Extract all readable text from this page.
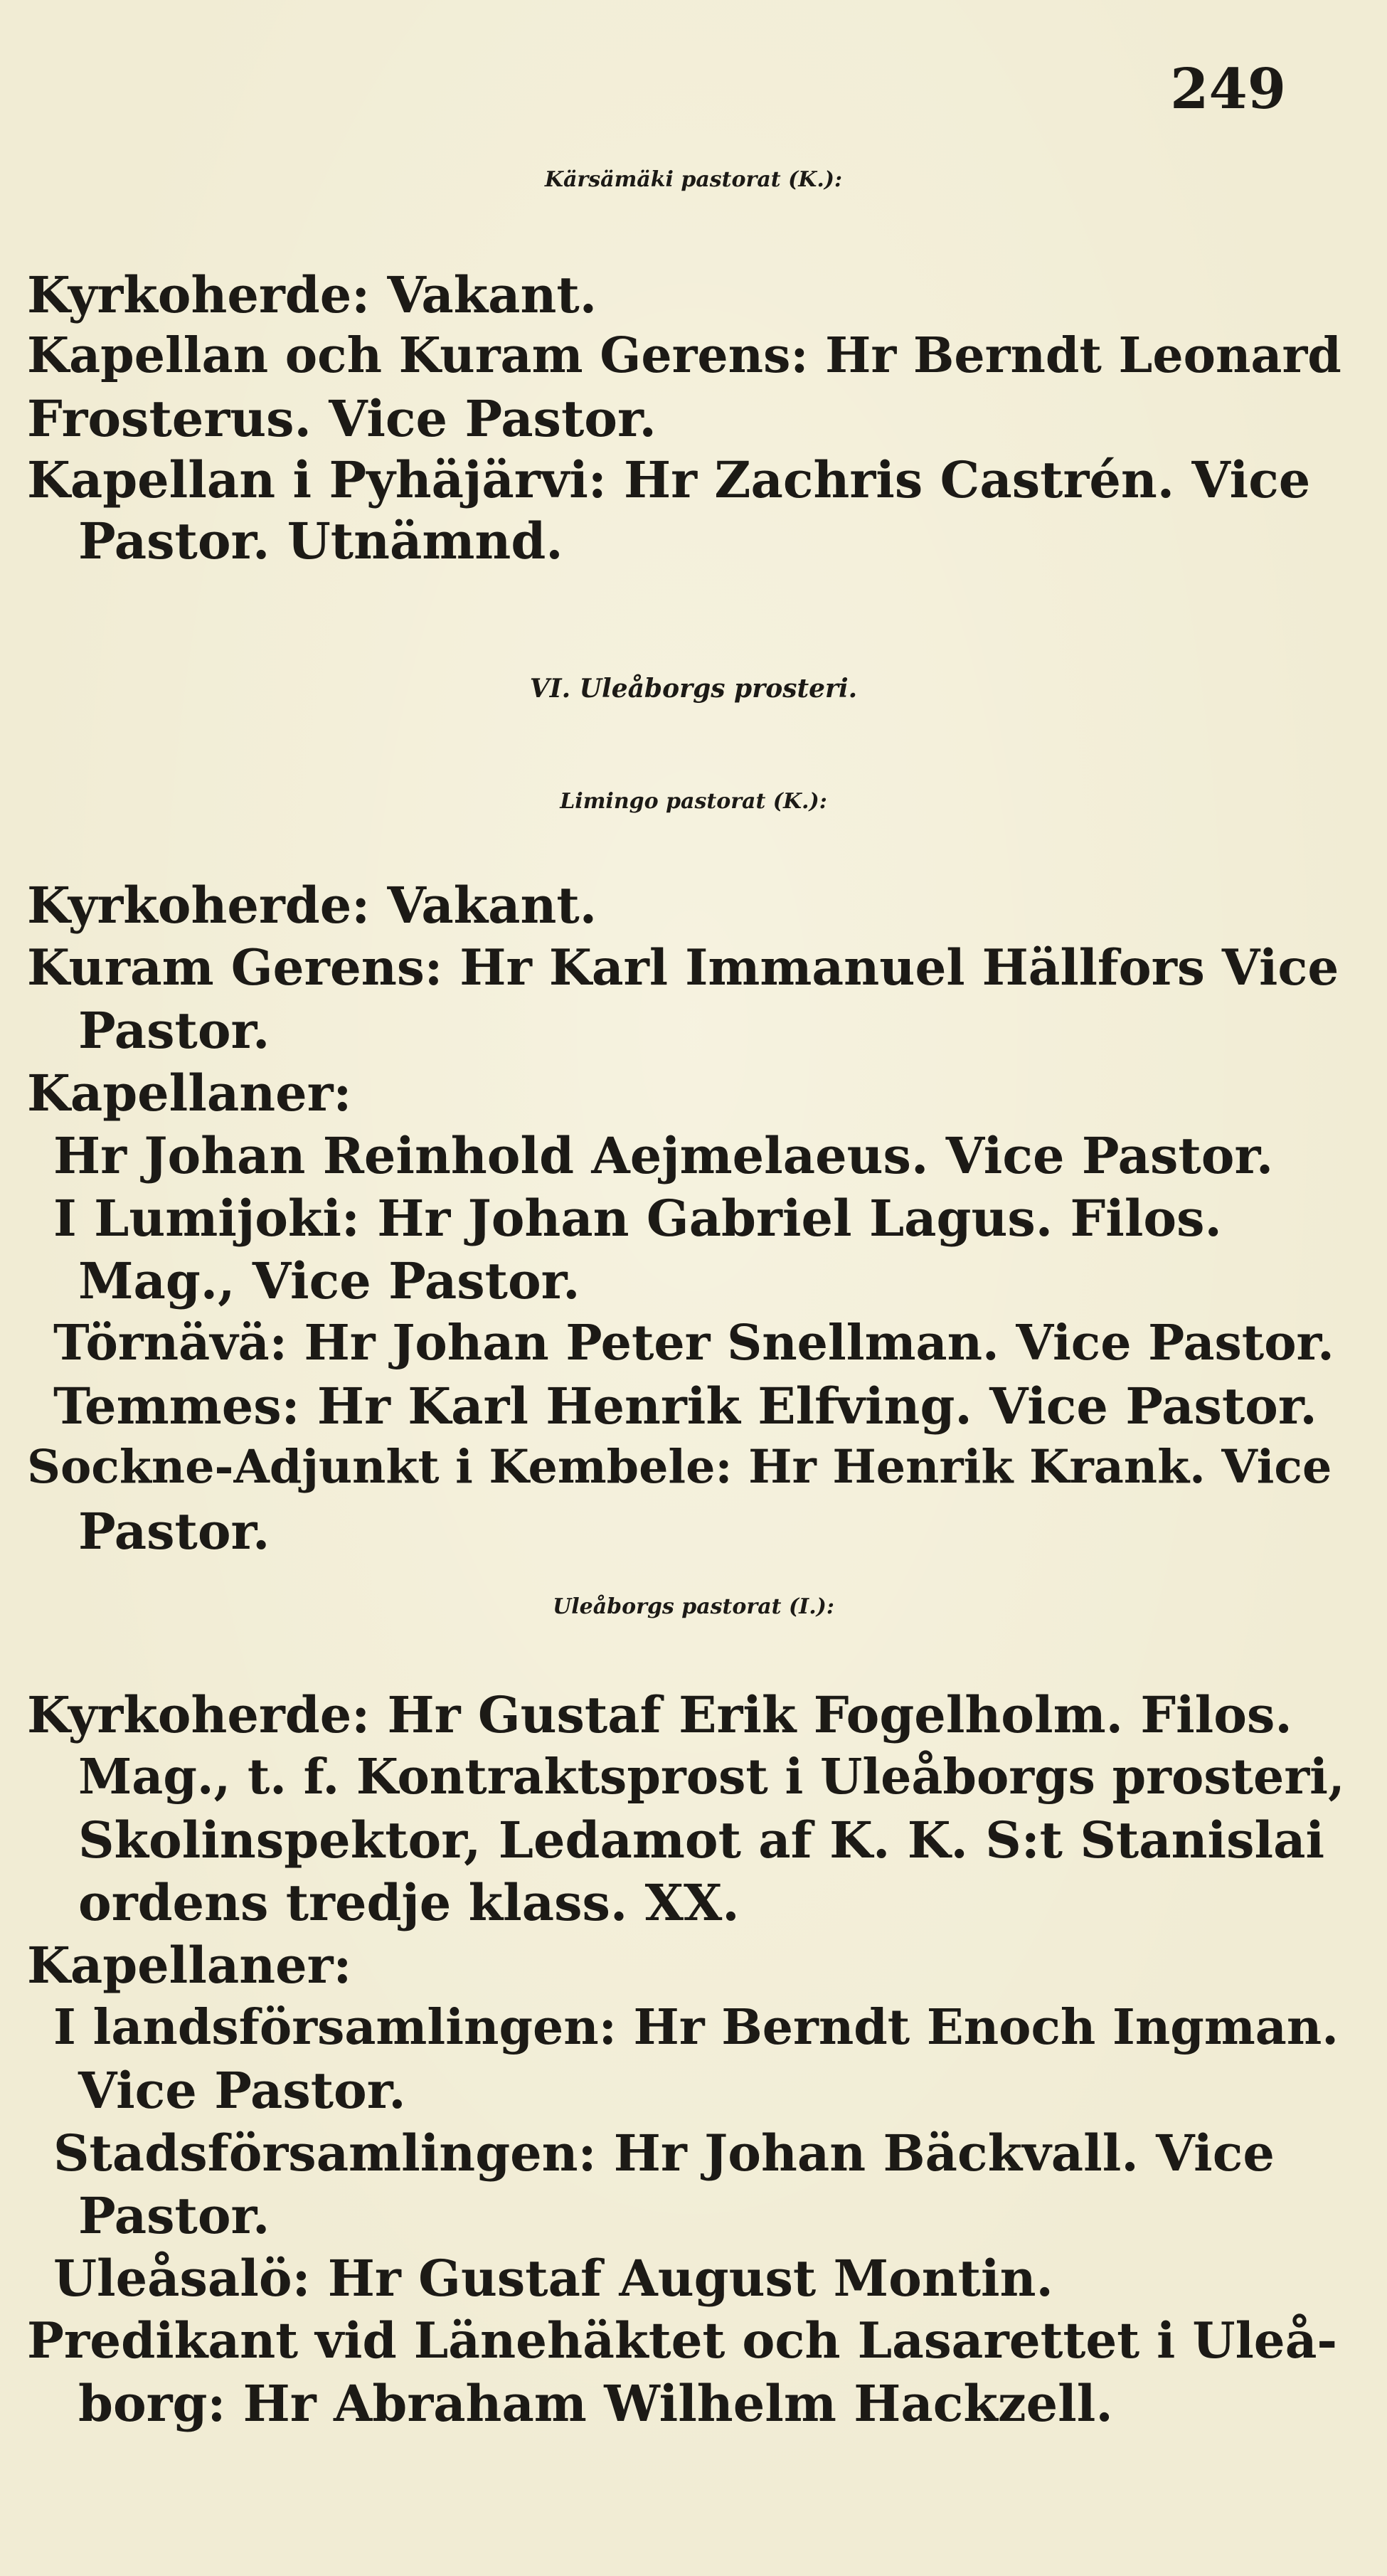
249
Kärsämäki pastorat (K.):
Kyrkoherde: Vakant.
Kapellan och Kuram Gerens: Hr Berndt Leonard
Frosterus. Vice Pastor.
Kapellan i Pyhäjärvi: Hr Zachris Castrén. Vice
Pastor. Utnämnd.
VI. Uleåborgs prosteri.
Limingo pastorat (K.):
Kyrkoherde: Vakant.
Kuram Gerens: Hr Karl Immanuel Hällfors Vice
Pastor.
Kapellaner:
Hr Johan Reinhold Aejmelaeus. Vice Pastor.
I Lumijoki: Hr Johan Gabriel Lagus. Filos.
Mag., Vice Pastor.
Törnävä: Hr Johan Peter Snellman. Vice Pastor.
Temmes: Hr Karl Henrik Elfving. Vice Pastor.
Sockne-Adjunkt i Kembele: Hr Henrik Krank. Vice
Pastor.
Uleåborgs pastorat (I.):
Kyrkoherde: Hr Gustaf Erik Fogelholm. Filos.
Mag., t. f. Kontraktsprost i Uleåborgs prosteri,
Skolinspektor, Ledamot af K. K. S:t Stanislai
ordens tredje klass. XX.
Kapellaner:
I landsförsamlingen: Hr Berndt Enoch Ingman.
Vice Pastor.
Stadsförsamlingen: Hr Johan Bäckvall. Vice
Pastor.
Uleåsalö: Hr Gustaf August Montin.
Predikant vid Länehäktet och Lasarettet i Uleå-
borg: Hr Abraham Wilhelm Hackzell.
